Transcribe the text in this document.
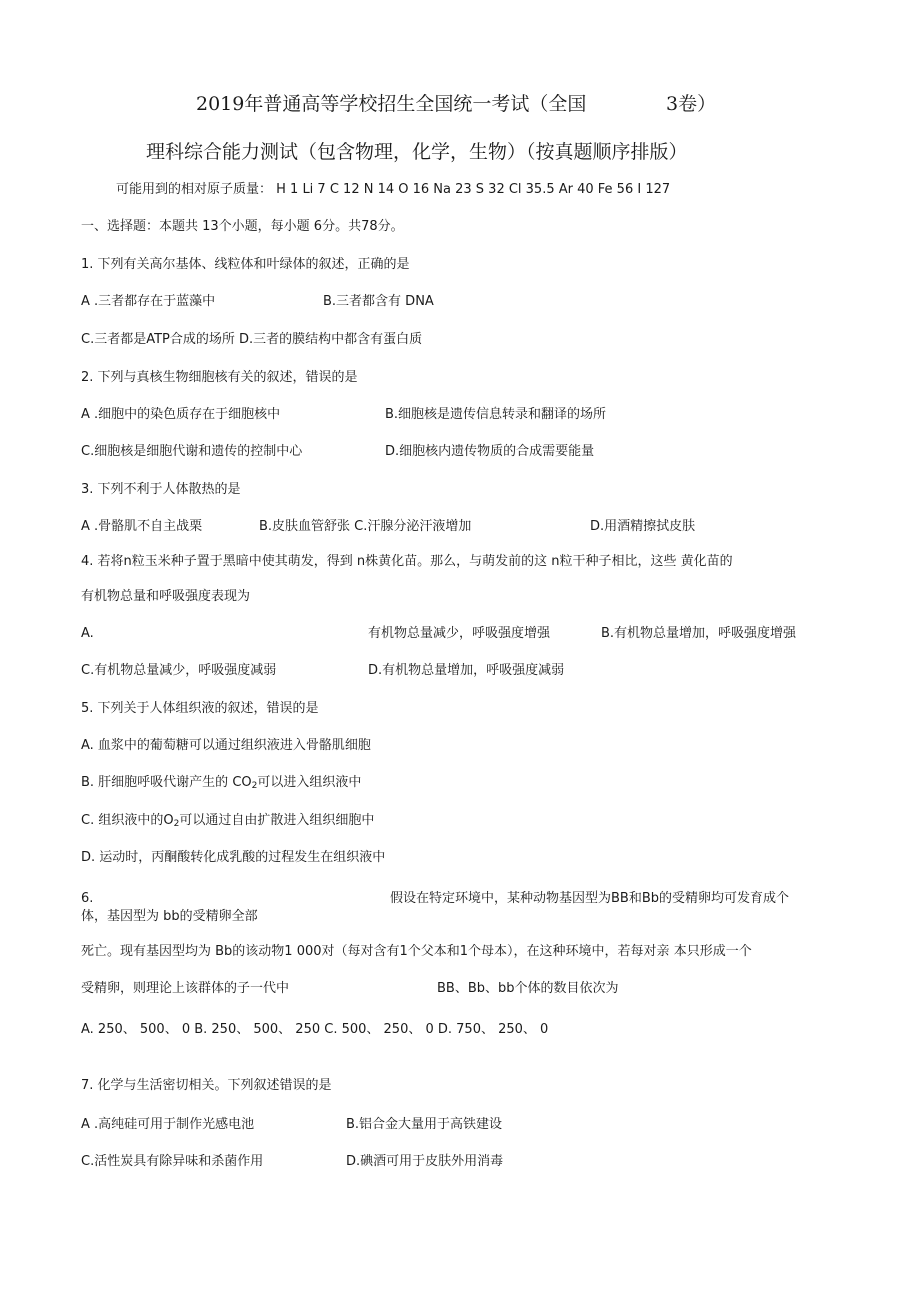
2019年普通高等学校招生全国统一考试（全国	3卷）
理科综合能力测试（包含物理，化学，生物）（按真题顺序排版）
可能用到的相对原子质量： H 1 Li 7 C 12 N 14 O 16 Na 23 S 32 Cl 35.5 Ar 40 Fe 56 I 127
一、选择题：本题共 13个小题，每小题 6分。共78分。
1. 下列有关高尔基体、线粒体和叶绿体的叙述，正确的是
A .三者都存在于蓝藻中	B.三者都含有 DNA
C.三者都是ATP合成的场所 D.三者的膜结构中都含有蛋白质
2. 下列与真核生物细胞核有关的叙述，错误的是
A .细胞中的染色质存在于细胞核中	B.细胞核是遗传信息转录和翻译的场所
C.细胞核是细胞代谢和遗传的控制中心	D.细胞核内遗传物质的合成需要能量
3. 下列不利于人体散热的是
A .骨骼肌不自主战栗	B.皮肤血管舒张 C.汗腺分泌汗液增加	D.用酒精擦拭皮肤
4. 若将n粒玉米种子置于黑暗中使其萌发，得到 n株黄化苗。那么，与萌发前的这 n粒干种子相比，这些 黄化苗的
有机物总量和呼吸强度表现为
A.	有机物总量减少，呼吸强度增强	B.有机物总量增加，呼吸强度增强
C.有机物总量减少，呼吸强度减弱	D.有机物总量增加，呼吸强度减弱
5. 下列关于人体组织液的叙述，错误的是
A. 血浆中的葡萄糖可以通过组织液进入骨骼肌细胞
B. 肝细胞呼吸代谢产生的 $CO_2$可以进入组织液中
C. 组织液中的$O_2$可以通过自由扩散进入组织细胞中
D. 运动时，丙酮酸转化成乳酸的过程发生在组织液中
6.	假设在特定环境中，某种动物基因型为BB和Bb的受精卵均可发育成个
体，基因型为 bb的受精卵全部
死亡。现有基因型均为 Bb的该动物1 000对（每对含有1个父本和1个母本），在这种环境中，若每对亲 本只形成一个
受精卵，则理论上该群体的子一代中	BB、Bb、bb个体的数目依次为
A. 250、 500、 0 B. 250、 500、 250 C. 500、 250、 0 D. 750、 250、 0
7. 化学与生活密切相关。下列叙述错误的是
A .高纯硅可用于制作光感电池	B.铝合金大量用于高铁建设
C.活性炭具有除异味和杀菌作用	D.碘酒可用于皮肤外用消毒
